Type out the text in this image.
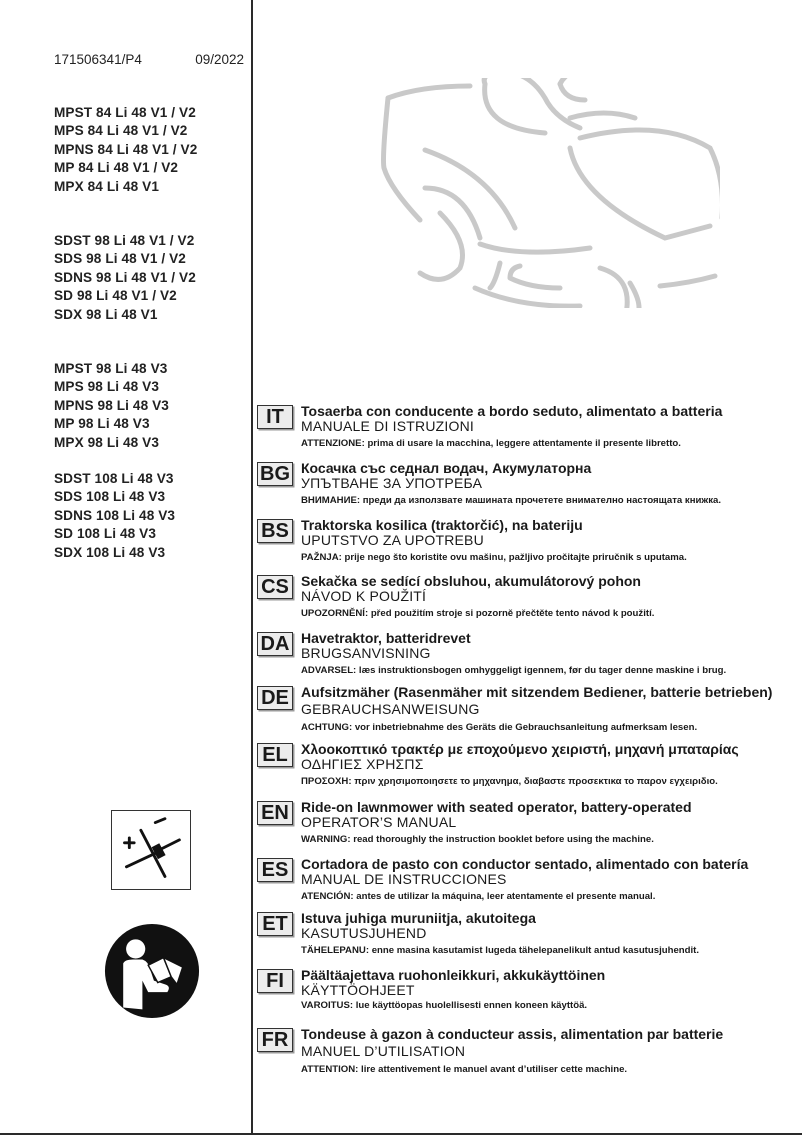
171506341/P4	09/2022
MPST 84 Li 48 V1 / V2
MPS 84 Li 48 V1 / V2
MPNS 84 Li 48 V1 / V2
MP 84 Li 48 V1 / V2
MPX 84 Li 48 V1
SDST 98 Li 48 V1 / V2
SDS 98 Li 48 V1 / V2
SDNS 98 Li 48 V1 / V2
SD 98 Li 48 V1 / V2
SDX 98 Li 48 V1
MPST 98 Li 48 V3
MPS 98 Li 48 V3
MPNS 98 Li 48 V3
MP 98 Li 48 V3
MPX 98 Li 48 V3
SDST 108 Li 48 V3
SDS 108 Li 48 V3
SDNS 108 Li 48 V3
SD 108 Li 48 V3
SDX 108 Li 48 V3
IT	Tosaerba con conducente a bordo seduto, alimentato a batteria
MANUALE DI ISTRUZIONI
ATTENZIONE: prima di usare la macchina, leggere attentamente il presente libretto.
BG Косачка със седнал водач, Акумулаторна
УПЪТВАНЕ ЗА УПОТРЕБА
ВНИМАНИЕ: преди да използвате машината прочетете внимателно настоящата книжка.
BS Traktorska kosilica (traktorčić), na bateriju
UPUTSTVO ZA UPOTREBU
PAŽNJA: prije nego što koristite ovu mašinu, pažljivo pročitajte priručnik s uputama.
CS Sekačka se sedící obsluhou, akumulátorový pohon
NÁVOD K POUŽITÍ
UPOZORNĚNÍ: před použitím stroje si pozorně přečtěte tento návod k použití.
DA Havetraktor, batteridrevet
BRUGSANVISNING
ADVARSEL: læs instruktionsbogen omhyggeligt igennem, før du tager denne maskine i brug.
DE Aufsitzmäher (Rasenmäher mit sitzendem Bediener, batterie betrieben)
GEBRAUCHSANWEISUNG
ACHTUNG: vor inbetriebnahme des Geräts die Gebrauchsanleitung aufmerksam lesen.
EL Χλοοκοπτικό τρακτέρ με εποχούμενο χειριστή, μηχανή μπαταρίας
ΟΔΗΓΙΕΣ ΧΡΗΣΠΣ
ΠΡΟΣΟΧΗ: πριν χρησιμοποιησετε το μηχανημα, διαβαστε προσεκτικα το παρον εγχειριδιο.
EN Ride-on lawnmower with seated operator, battery-operated
OPERATOR’S MANUAL
WARNING: read thoroughly the instruction booklet before using the machine.
ES Cortadora de pasto con conductor sentado, alimentado con batería
MANUAL DE INSTRUCCIONES
ATENCIÓN: antes de utilizar la máquina, leer atentamente el presente manual.
ET Istuva juhiga muruniitja, akutoitega
KASUTUSJUHEND
TÄHELEPANU: enne masina kasutamist lugeda tähelepanelikult antud kasutusjuhendit.
FI	Päältäajettava ruohonleikkuri, akkukäyttöinen
KÄYTTÖOHJEET
VAROITUS: lue käyttöopas huolellisesti ennen koneen käyttöä.
FR Tondeuse à gazon à conducteur assis, alimentation par batterie
MANUEL D’UTILISATION
ATTENTION: lire attentivement le manuel avant d’utiliser cette machine.
